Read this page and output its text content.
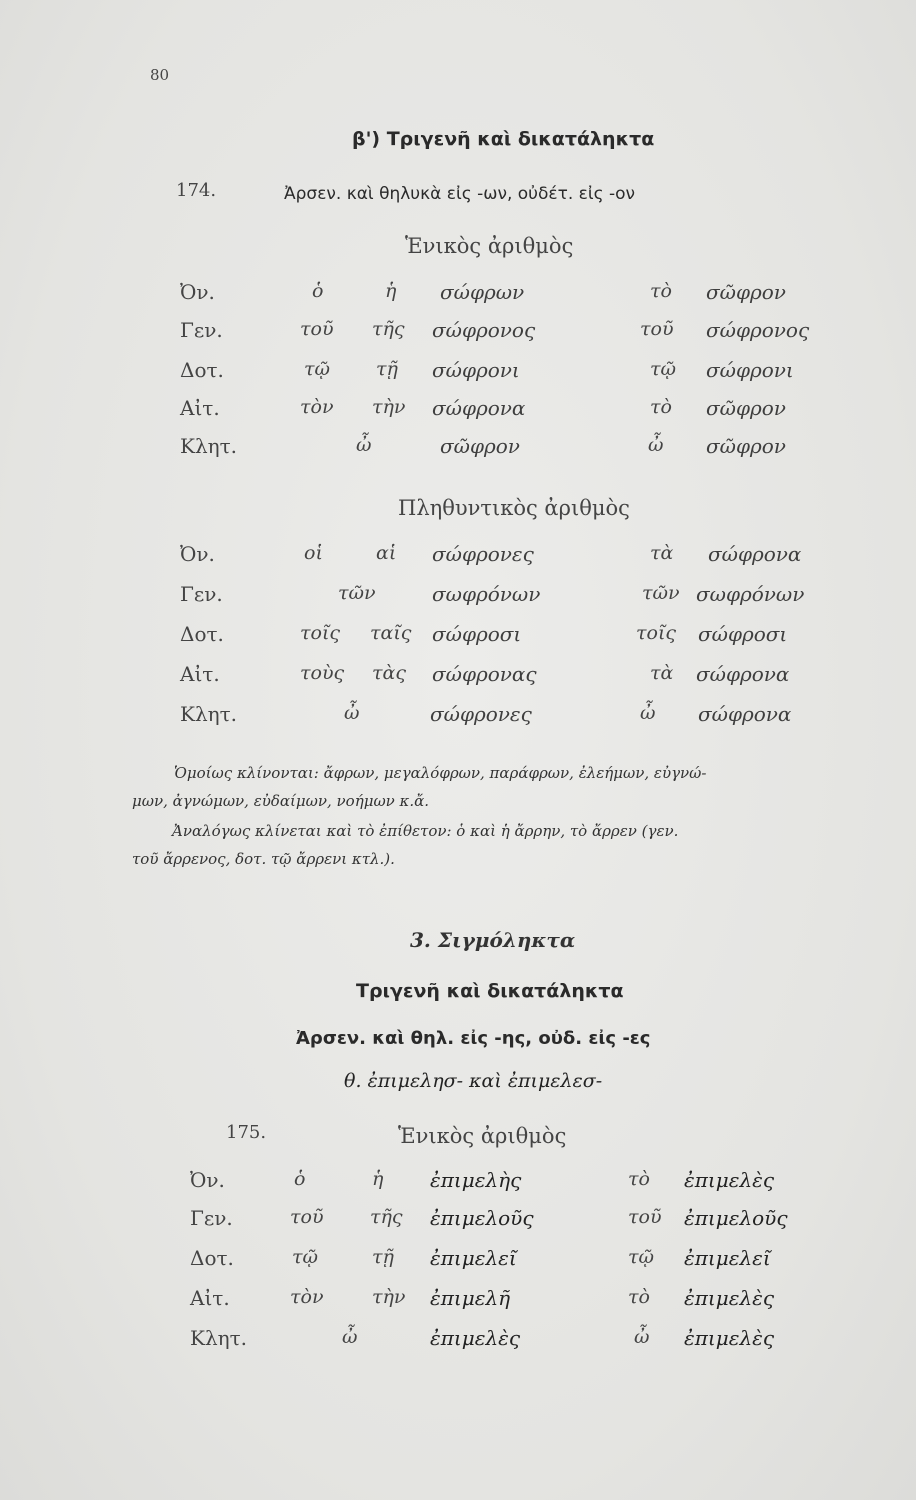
80
β') Τριγενῆ καὶ δικατάληκτα
174.	Ἀρσεν. καὶ θηλυκὰ εἰς -ων, οὐδέτ. εἰς -ον
Ἑνικὸς ἀριθμὸς
Ὀν.	ὁ	ἡ σώφρων	τὸ σῶφρον
Γεν.	τοῦ τῆς σώφρονος	τοῦ σώφρονος
Δοτ.	τῷ τῇ σώφρονι	τῷ σώφρονι
Αἰτ.	τὸν τὴν σώφρονα	τὸ σῶφρον
Κλητ.	ὦ	σῶφρον	ὦ σῶφρον
Πληθυντικὸς ἀριθμὸς
Ὀν.	οἱ	αἱ σώφρονες	τὰ σώφρονα
Γεν.	τῶν	σωφρόνων	τῶν σωφρόνων
Δοτ.	τοῖς ταῖς σώφροσι	τοῖς σώφροσι
Αἰτ.	τοὺς τὰς σώφρονας	τὰ σώφρονα
Κλητ.	ὦ	σώφρονες	ὦ σώφρονα
Ὁμοίως κλίνονται: ἄφρων, μεγαλόφρων, παράφρων, ἐλεήμων, εὐγνώ-
μων, ἀγνώμων, εὐδαίμων, νοήμων κ.ἄ.
Ἀναλόγως κλίνεται καὶ τὸ ἐπίθετον: ὁ καὶ ἡ ἄρρην, τὸ ἄρρεν (γεν.
τοῦ ἄρρενος, δοτ. τῷ ἄρρενι κτλ.).
3. Σιγμόληκτα
Τριγενῆ καὶ δικατάληκτα
Ἀρσεν. καὶ θηλ. εἰς -ης, οὐδ. εἰς -ες
θ. ἐπιμελησ- καὶ ἐπιμελεσ-
175.	Ἑνικὸς ἀριθμὸς
Ὀν.	ὁ	ἡ ἐπιμελὴς	τὸ ἐπιμελὲς
Γεν.	τοῦ τῆς ἐπιμελοῦς	τοῦ ἐπιμελοῦς
Δοτ.	τῷ	τῇ ἐπιμελεῖ	τῷ ἐπιμελεῖ
Αἰτ.	τὸν	τὴν ἐπιμελῆ	τὸ ἐπιμελὲς
Κλητ.	ὦ	ἐπιμελὲς	ὦ ἐπιμελὲς
